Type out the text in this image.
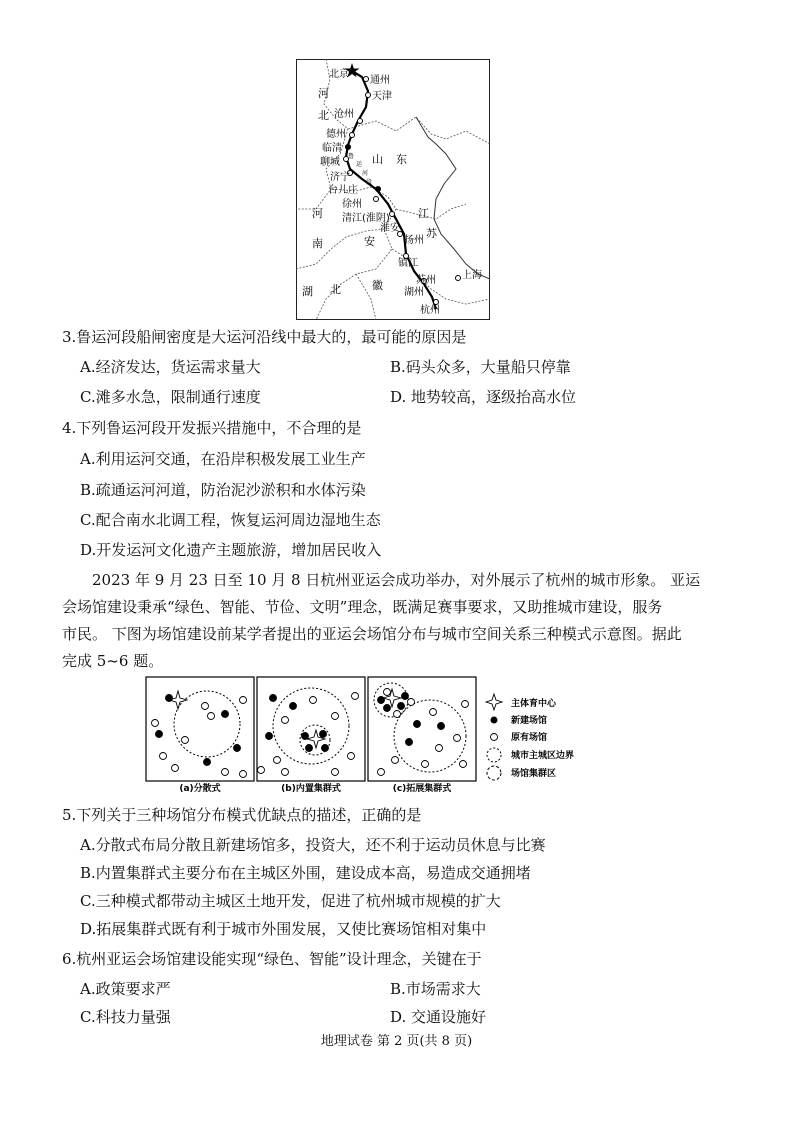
北京
通州
天津
沧州
德州
临清
聊城
济宁
台儿庄
徐州
清江(淮阴)
淮安
扬州
镇江
苏州
湖州
杭州
上海
河
北
山 东
江
苏
河
南	安
徽
湖 北
鲁
运
河
段
3.鲁运河段船闸密度是大运河沿线中最大的，最可能的原因是
A.经济发达，货运需求量大	B.码头众多，大量船只停靠
C.滩多水急，限制通行速度	D. 地势较高，逐级抬高水位
4.下列鲁运河段开发振兴措施中，不合理的是
A.利用运河交通，在沿岸积极发展工业生产
B.疏通运河河道，防治泥沙淤积和水体污染
C.配合南水北调工程，恢复运河周边湿地生态
D.开发运河文化遗产主题旅游，增加居民收入
2023 年 9 月 23 日至 10 月 8 日杭州亚运会成功举办，对外展示了杭州的城市形象。 亚运
会场馆建设秉承“绿色、智能、节俭、文明”理念，既满足赛事要求，又助推城市建设，服务
市民。 下图为场馆建设前某学者提出的亚运会场馆分布与城市空间关系三种模式示意图。据此
完成 5~6 题。
(a)分散式	(b)内置集群式	(c)拓展集群式
主体育中心
新建场馆
原有场馆
城市主城区边界
场馆集群区
5.下列关于三种场馆分布模式优缺点的描述，正确的是
A.分散式布局分散且新建场馆多，投资大，还不利于运动员休息与比赛
B.内置集群式主要分布在主城区外围，建设成本高，易造成交通拥堵
C.三种模式都带动主城区土地开发，促进了杭州城市规模的扩大
D.拓展集群式既有利于城市外围发展，又使比赛场馆相对集中
6.杭州亚运会场馆建设能实现“绿色、智能”设计理念，关键在于
A.政策要求严	B.市场需求大
C.科技力量强	D. 交通设施好
地理试卷 第 2 页(共 8 页)
